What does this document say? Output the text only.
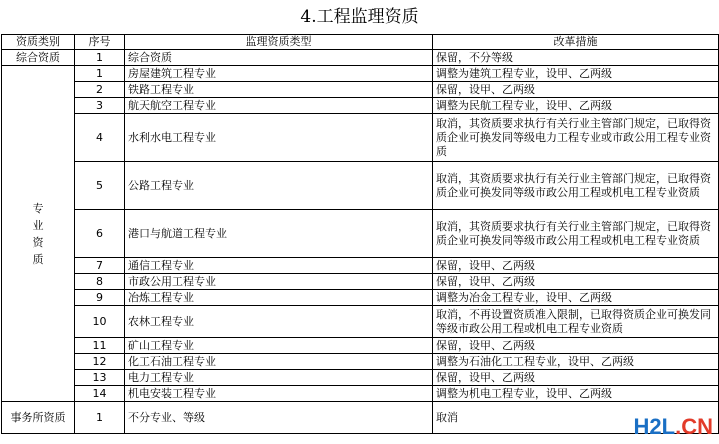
4.工程监理资质
资质类别	序号	监理资质类型	改革措施

综合资质	1	综合资质	保留，不分等级

专业资质	1	房屋建筑工程专业	调整为建筑工程专业，设甲、乙两级
	2	铁路工程专业	保留，设甲、乙两级
	3	航天航空工程专业	调整为民航工程专业，设甲、乙两级
	4	水利水电工程专业	取消，其资质要求执行有关行业主管部门规定，已取得资质企业可换发同等级电力工程专业或市政公用工程专业资质
	5	公路工程专业	取消，其资质要求执行有关行业主管部门规定，已取得资质企业可换发同等级市政公用工程或机电工程专业资质
	6	港口与航道工程专业	取消，其资质要求执行有关行业主管部门规定，已取得资质企业可换发同等级市政公用工程或机电工程专业资质
	7	通信工程专业	保留，设甲、乙两级
	8	市政公用工程专业	保留，设甲、乙两级
	9	冶炼工程专业	调整为冶金工程专业，设甲、乙两级
	10	农林工程专业	取消，不再设置资质准入限制，已取得资质企业可换发同等级市政公用工程或机电工程专业资质
	11	矿山工程专业	保留，设甲、乙两级
	12	化工石油工程专业	调整为石油化工工程专业，设甲、乙两级
	13	电力工程专业	保留，设甲、乙两级
	14	机电安装工程专业	调整为机电工程专业，设甲、乙两级

事务所资质	1	不分专业、等级	取消	H2L.CN
